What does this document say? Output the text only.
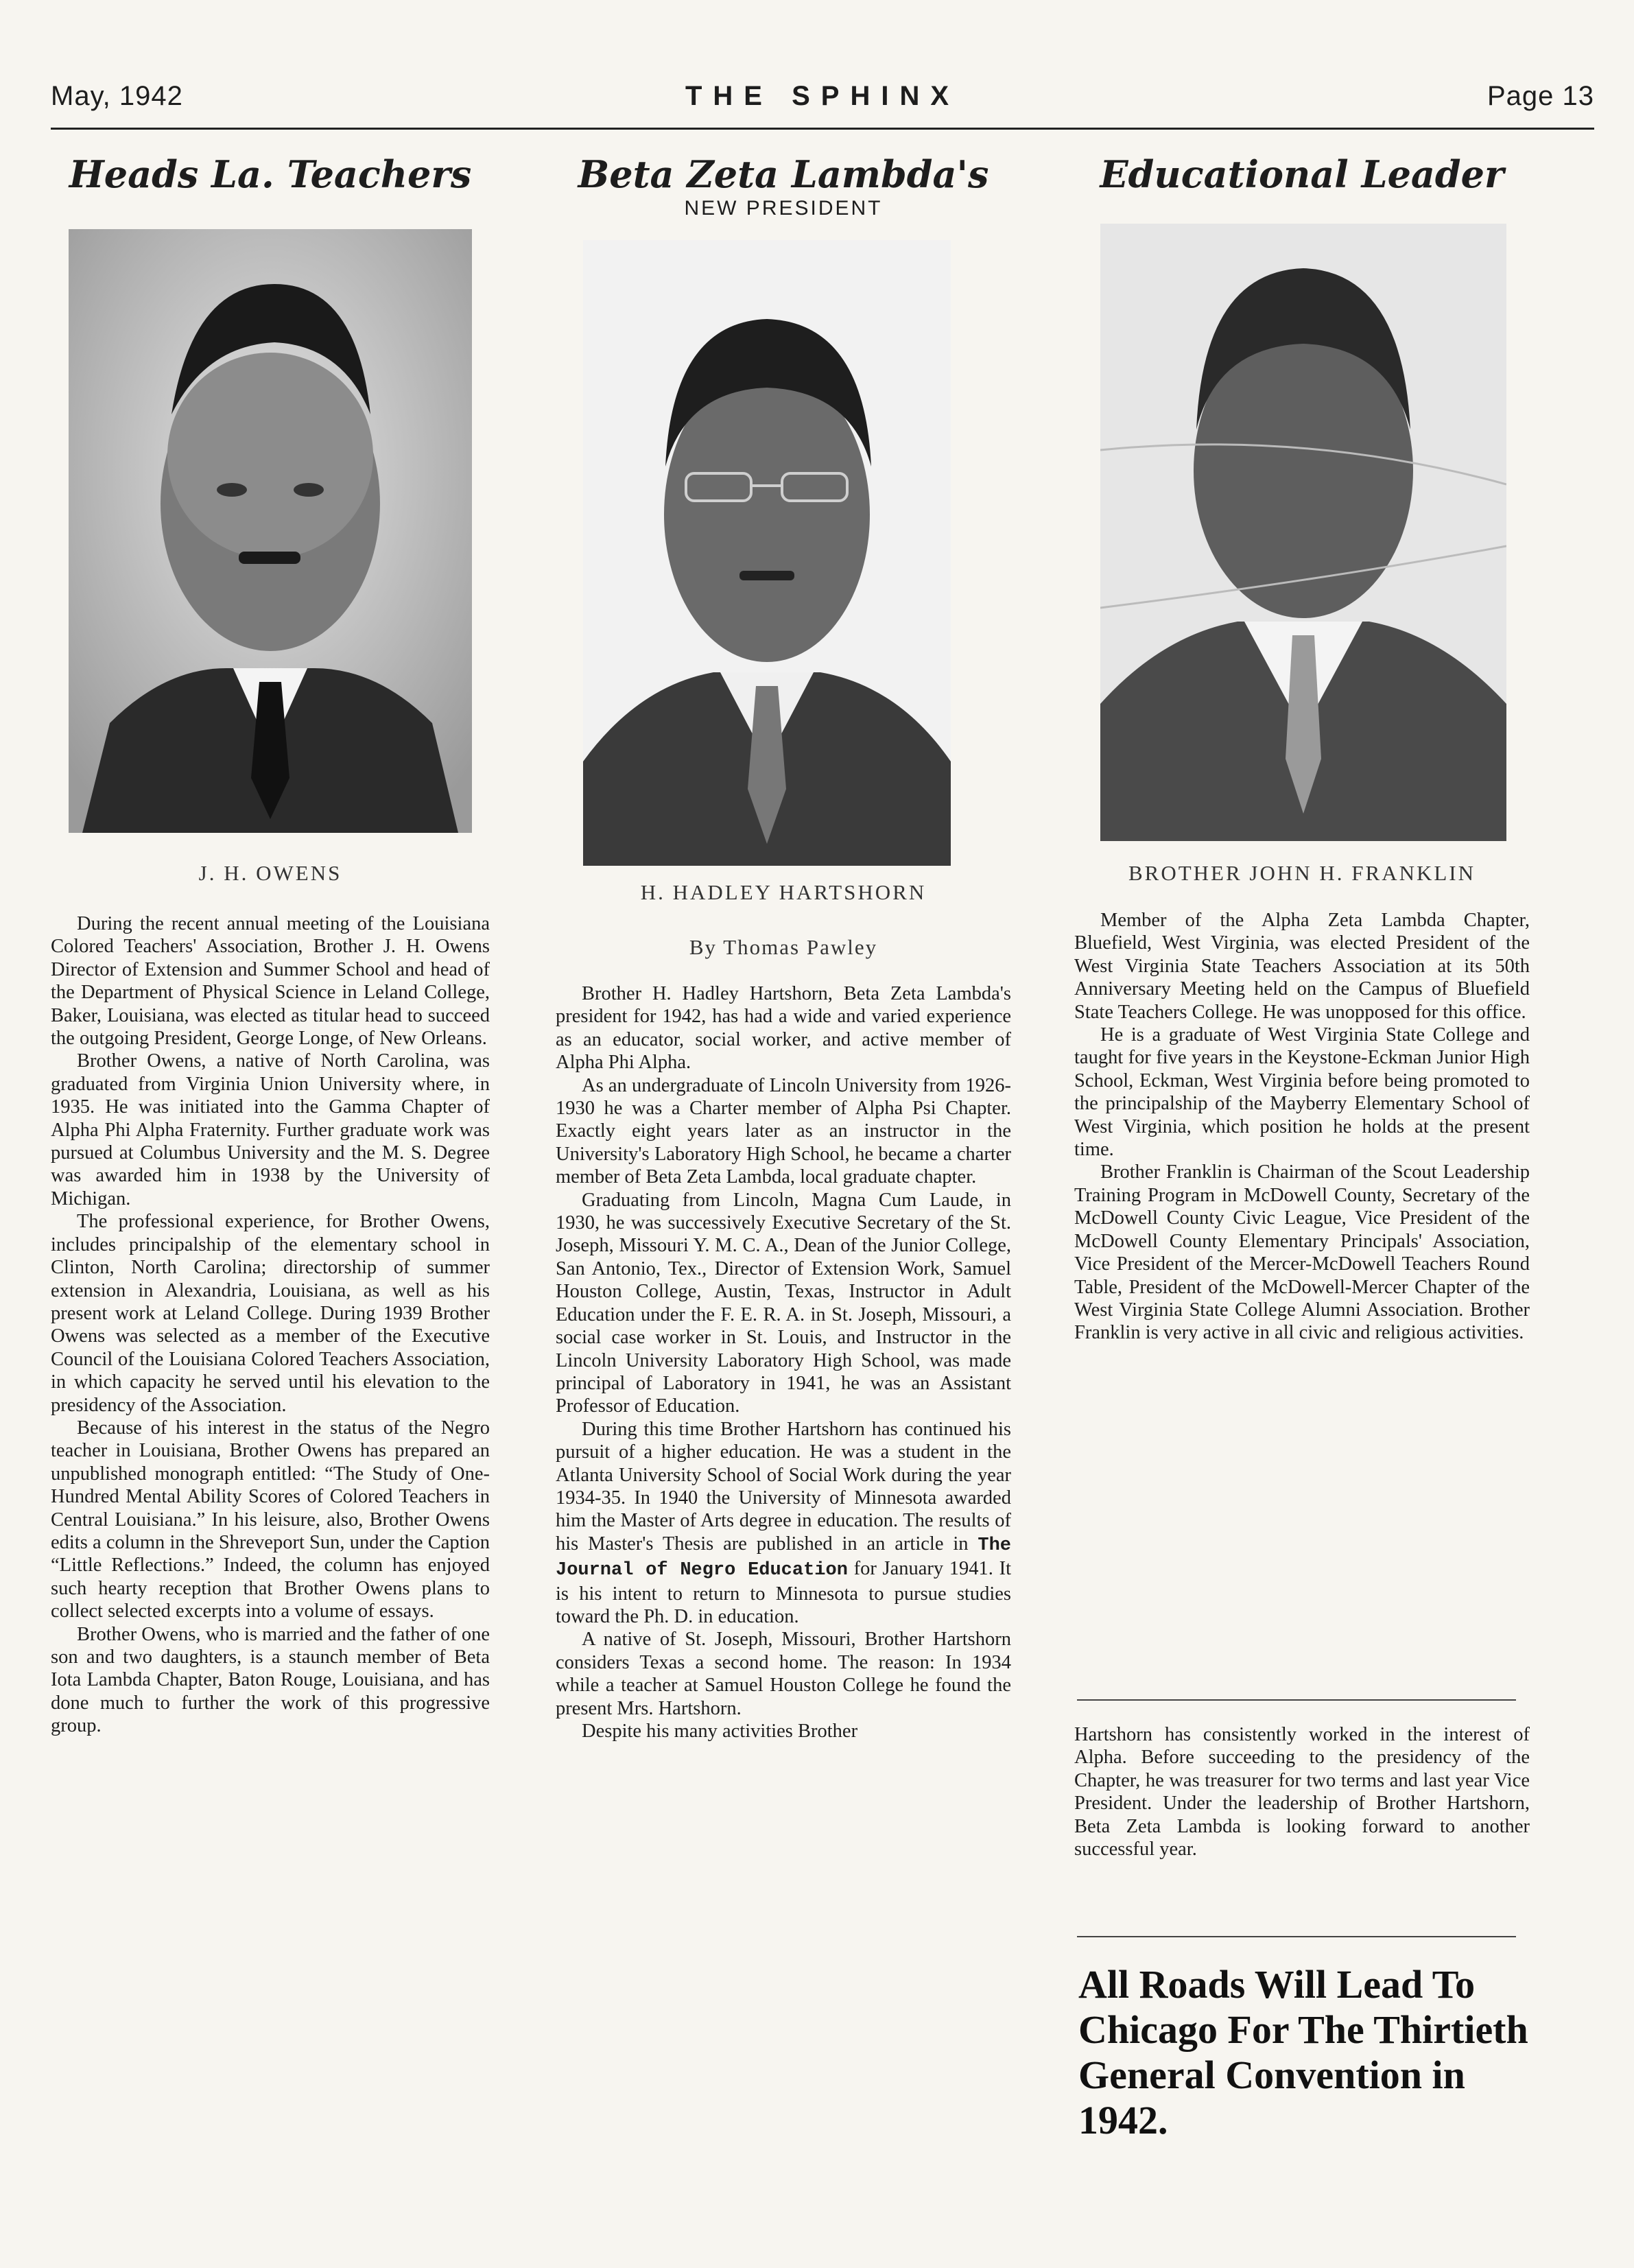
May, 1942	THE SPHINX	Page 13
Heads La. Teachers
J. H. OWENS

During the recent annual meeting of the Louisiana Colored Teachers' Association, Brother J. H. Owens Director of Extension and Summer School and head of the Department of Physical Science in Leland College, Baker, Louisiana, was elected as titular head to succeed the outgoing President, George Longe, of New Orleans.

Brother Owens, a native of North Carolina, was graduated from Virginia Union University where, in 1935. He was initiated into the Gamma Chapter of Alpha Phi Alpha Fraternity. Further graduate work was pursued at Columbus University and the M. S. Degree was awarded him in 1938 by the University of Michigan.

The professional experience, for Brother Owens, includes principalship of the elementary school in Clinton, North Carolina; directorship of summer extension in Alexandria, Louisiana, as well as his present work at Leland College. During 1939 Brother Owens was selected as a member of the Executive Council of the Louisiana Colored Teachers Association, in which capacity he served until his elevation to the presidency of the Association.

Because of his interest in the status of the Negro teacher in Louisiana, Brother Owens has prepared an unpublished monograph entitled: “The Study of One-Hundred Mental Ability Scores of Colored Teachers in Central Louisiana.” In his leisure, also, Brother Owens edits a column in the Shreveport Sun, under the Caption “Little Reflections.” Indeed, the column has enjoyed such hearty reception that Brother Owens plans to collect selected excerpts into a volume of essays.

Brother Owens, who is married and the father of one son and two daughters, is a staunch member of Beta Iota Lambda Chapter, Baton Rouge, Louisiana, and has done much to further the work of this progressive group.

Beta Zeta Lambda's
NEW PRESIDENT
H. HADLEY HARTSHORN
By Thomas Pawley

Brother H. Hadley Hartshorn, Beta Zeta Lambda's president for 1942, has had a wide and varied experience as an educator, social worker, and active member of Alpha Phi Alpha.

As an undergraduate of Lincoln University from 1926-1930 he was a Charter member of Alpha Psi Chapter. Exactly eight years later as an instructor in the University's Laboratory High School, he became a charter member of Beta Zeta Lambda, local graduate chapter.

Graduating from Lincoln, Magna Cum Laude, in 1930, he was successively Executive Secretary of the St. Joseph, Missouri Y. M. C. A., Dean of the Junior College, San Antonio, Tex., Director of Extension Work, Samuel Houston College, Austin, Texas, Instructor in Adult Education under the F. E. R. A. in St. Joseph, Missouri, a social case worker in St. Louis, and Instructor in the Lincoln University Laboratory High School, was made principal of Laboratory in 1941, he was an Assistant Professor of Education.

During this time Brother Hartshorn has continued his pursuit of a higher education. He was a student in the Atlanta University School of Social Work during the year 1934-35. In 1940 the University of Minnesota awarded him the Master of Arts degree in education. The results of his Master's Thesis are published in an article in The Journal of Negro Education for January 1941. It is his intent to return to Minnesota to pursue studies toward the Ph. D. in education.

A native of St. Joseph, Missouri, Brother Hartshorn considers Texas a second home. The reason: In 1934 while a teacher at Samuel Houston College he found the present Mrs. Hartshorn.

Despite his many activities Brother

Educational Leader
BROTHER JOHN H. FRANKLIN

Member of the Alpha Zeta Lambda Chapter, Bluefield, West Virginia, was elected President of the West Virginia State Teachers Association at its 50th Anniversary Meeting held on the Campus of Bluefield State Teachers College. He was unopposed for this office.

He is a graduate of West Virginia State College and taught for five years in the Keystone-Eckman Junior High School, Eckman, West Virginia before being promoted to the principalship of the Mayberry Elementary School of West Virginia, which position he holds at the present time.

Brother Franklin is Chairman of the Scout Leadership Training Program in McDowell County, Secretary of the McDowell County Civic League, Vice President of the McDowell County Elementary Principals' Association, Vice President of the Mercer-McDowell Teachers Round Table, President of the McDowell-Mercer Chapter of the West Virginia State College Alumni Association. Brother Franklin is very active in all civic and religious activities.

Hartshorn has consistently worked in the interest of Alpha. Before succeeding to the presidency of the Chapter, he was treasurer for two terms and last year Vice President. Under the leadership of Brother Hartshorn, Beta Zeta Lambda is looking forward to another successful year.

All Roads Will Lead To Chicago For The Thirtieth General Convention in 1942.
